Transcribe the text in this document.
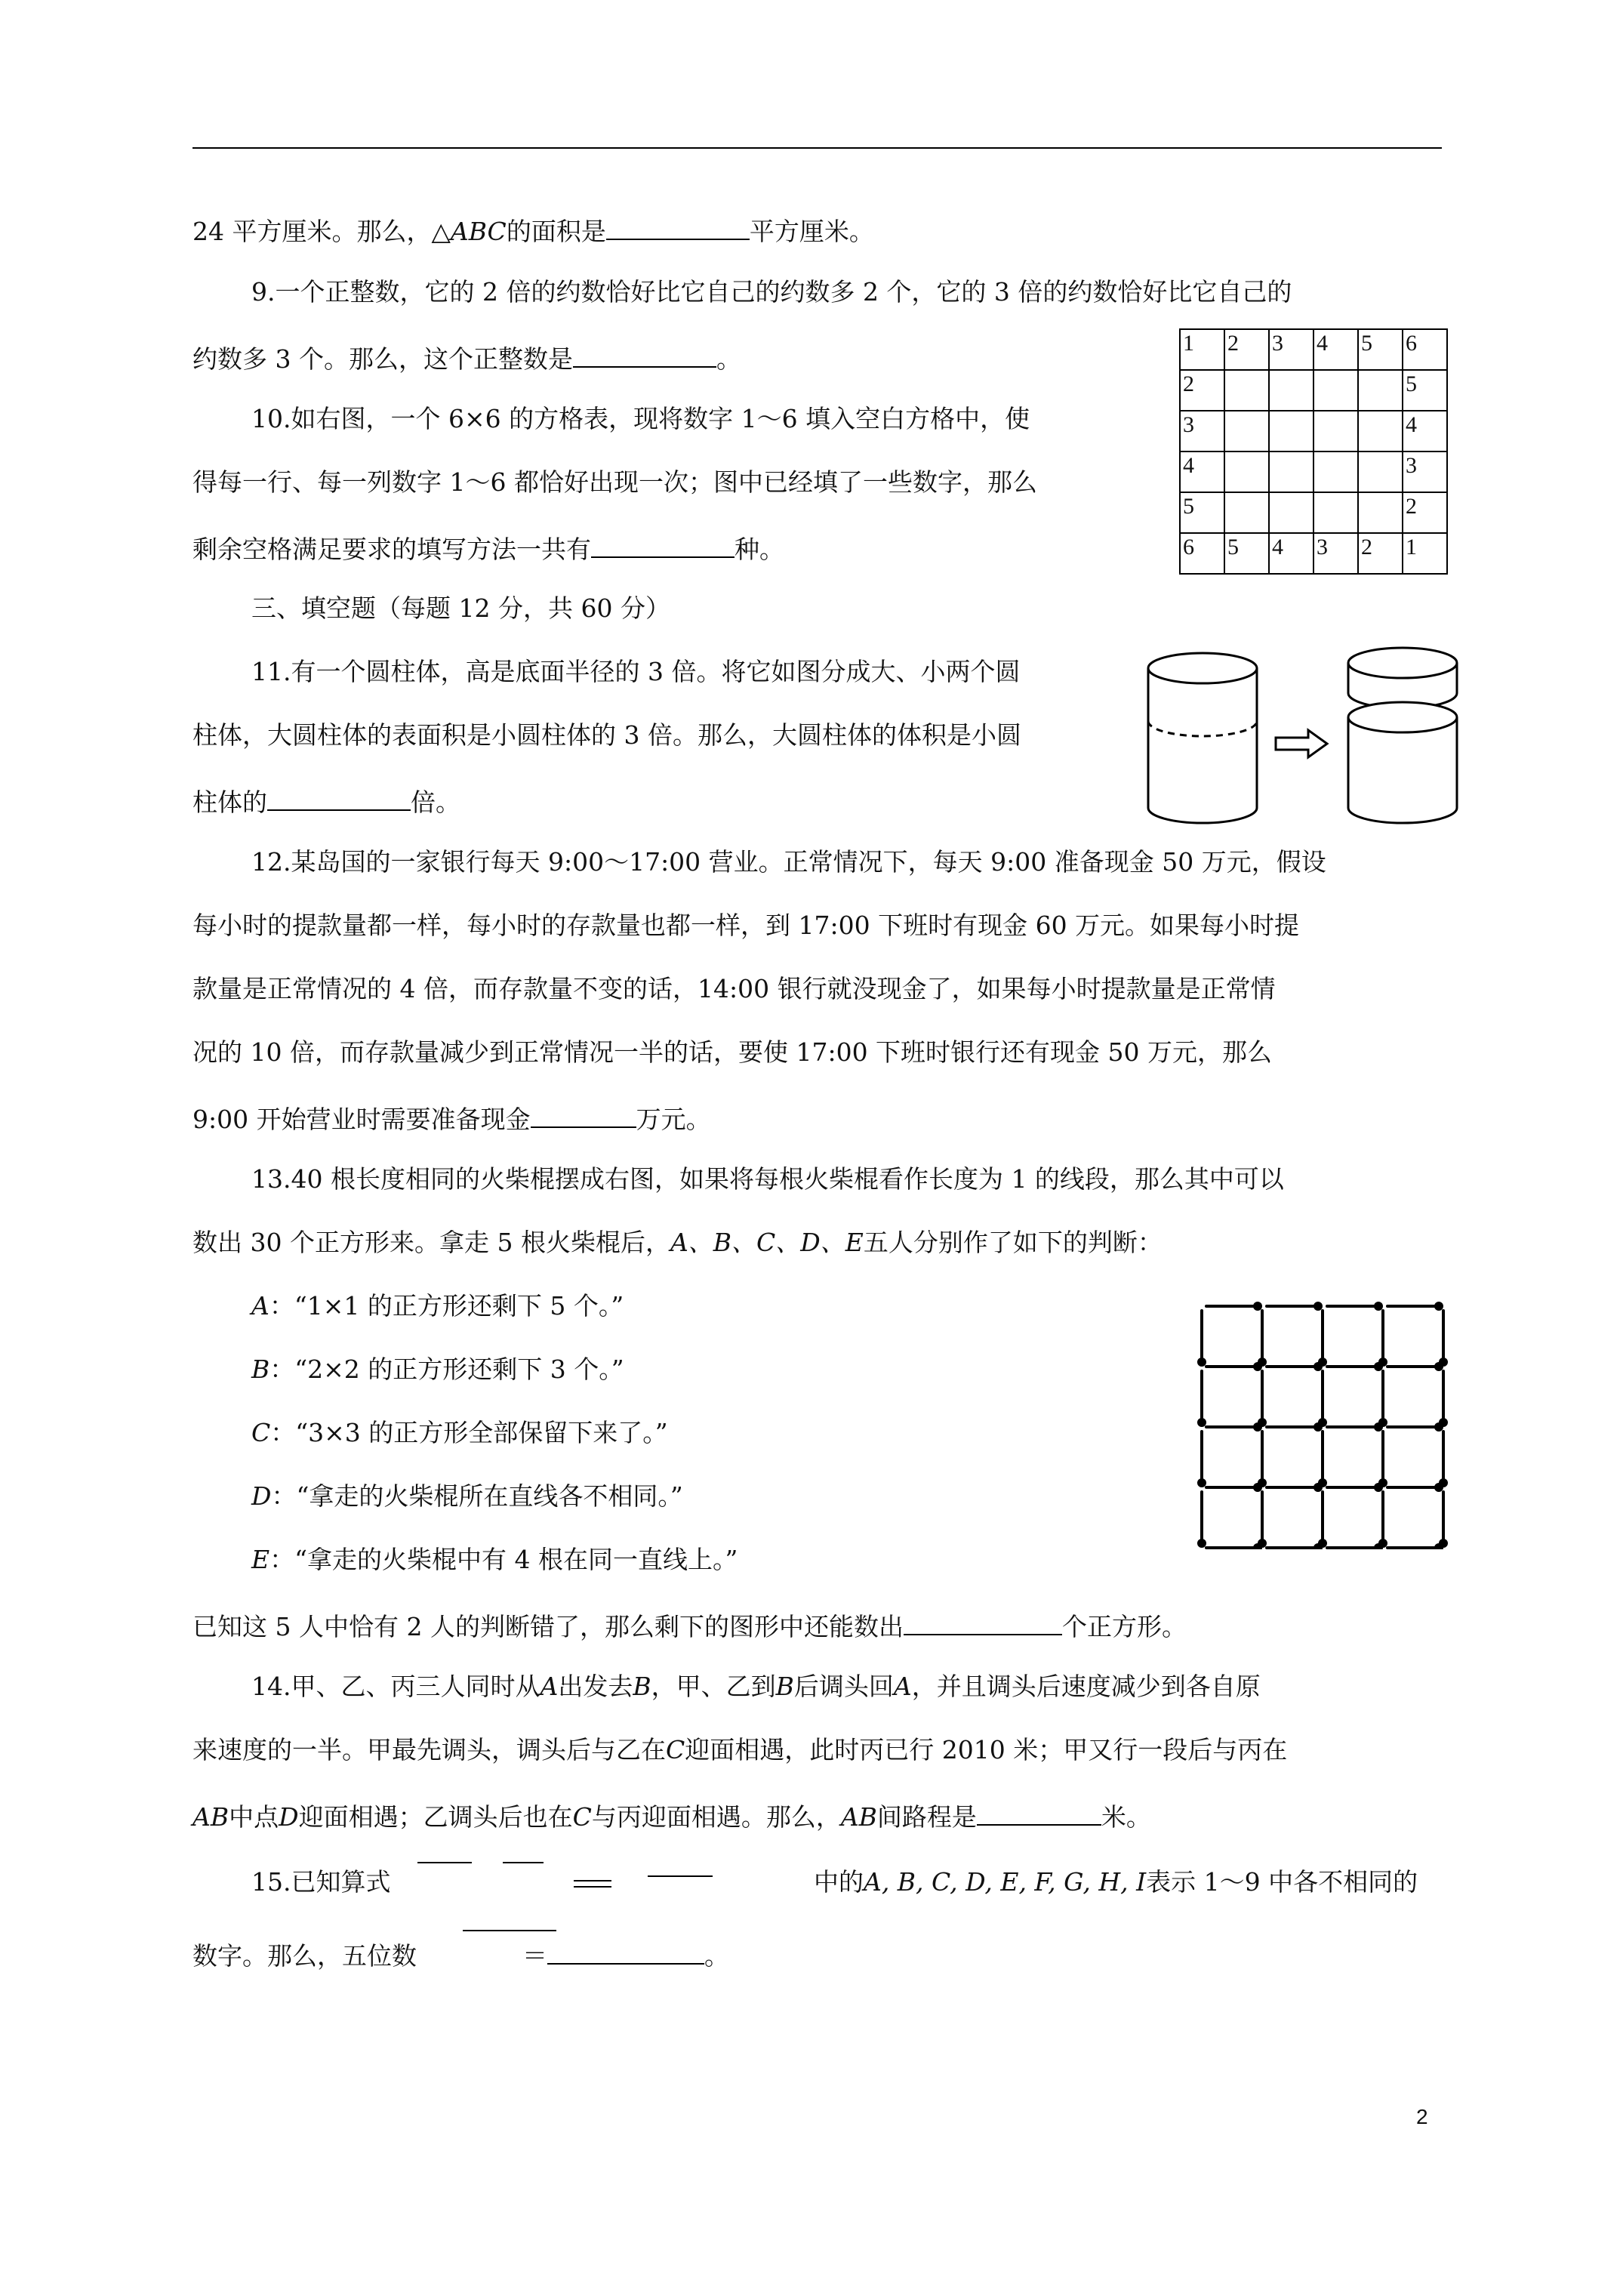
24 平方厘米。那么，△ABC的面积是	平方厘米。
9.一个正整数，它的 2 倍的约数恰好比它自己的约数多 2 个，它的 3 倍的约数恰好比它自己的
约数多 3 个。那么，这个正整数是	。
10.如右图，一个 6×6 的方格表，现将数字 1～6 填入空白方格中，使
得每一行、每一列数字 1～6 都恰好出现一次；图中已经填了一些数字，那么
剩余空格满足要求的填写方法一共有	种。
1	2	3	4	5	6
2					5
3					4
4					3
5					2
6	5	4	3	2	1
三、填空题（每题 12 分，共 60 分）
11.有一个圆柱体，高是底面半径的 3 倍。将它如图分成大、小两个圆
柱体，大圆柱体的表面积是小圆柱体的 3 倍。那么，大圆柱体的体积是小圆
柱体的	倍。
12.某岛国的一家银行每天 9:00～17:00 营业。正常情况下，每天 9:00 准备现金 50 万元，假设
每小时的提款量都一样，每小时的存款量也都一样，到 17:00 下班时有现金 60 万元。如果每小时提
款量是正常情况的 4 倍，而存款量不变的话，14:00 银行就没现金了，如果每小时提款量是正常情
况的 10 倍，而存款量减少到正常情况一半的话，要使 17:00 下班时银行还有现金 50 万元，那么
9:00 开始营业时需要准备现金	万元。
13.40 根长度相同的火柴棍摆成右图，如果将每根火柴棍看作长度为 1 的线段，那么其中可以
数出 30 个正方形来。拿走 5 根火柴棍后，A、B、C、D、E五人分别作了如下的判断：
A：“1×1 的正方形还剩下 5 个。”
B：“2×2 的正方形还剩下 3 个。”
C：“3×3 的正方形全部保留下来了。”
D：“拿走的火柴棍所在直线各不相同。”
E：“拿走的火柴棍中有 4 根在同一直线上。”
已知这 5 人中恰有 2 人的判断错了，那么剩下的图形中还能数出	个正方形。
14.甲、乙、丙三人同时从A出发去B，甲、乙到B后调头回A，并且调头后速度减少到各自原
来速度的一半。甲最先调头，调头后与乙在C迎面相遇，此时丙已行 2010 米；甲又行一段后与丙在
AB中点D迎面相遇；乙调头后也在C与丙迎面相遇。那么，AB间路程是	米。
15.已知算式	中的A, B, C, D, E, F, G, H, I表示 1～9 中各不相同的
数字。那么，五位数	＝	。
2
